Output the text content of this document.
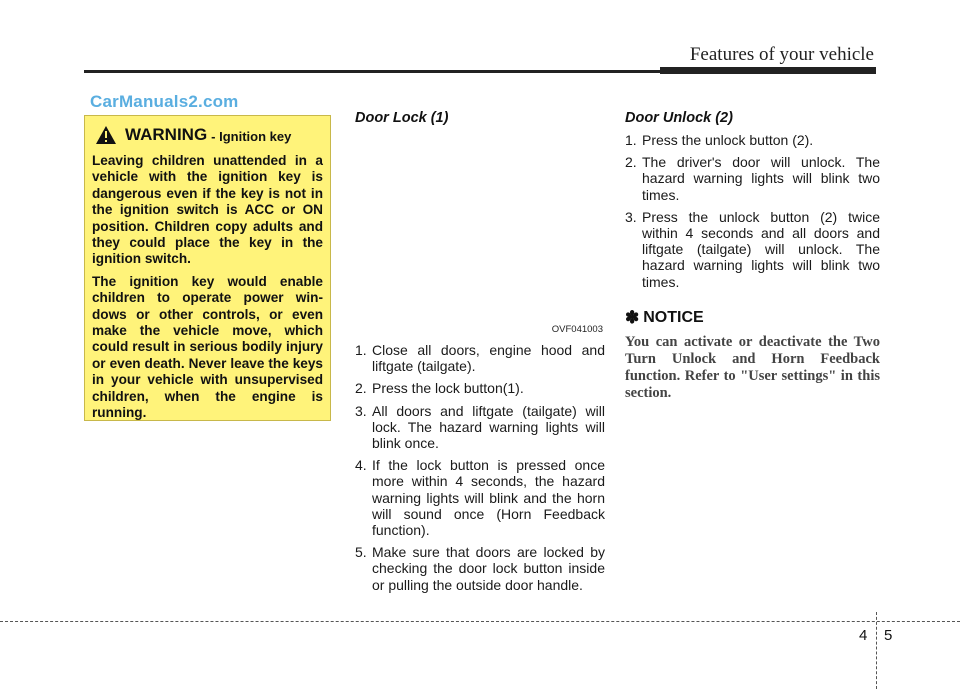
Features of your vehicle
CarManuals2.com
WARNING - Ignition key

Leaving children unattended in a vehicle with the ignition key is dangerous even if the key is not in the ignition switch is ACC or ON position. Children copy adults and they could place the key in the ignition switch.

The ignition key would enable children to operate power win-dows or other controls, or even make the vehicle move, which could result in serious bodily injury or even death. Never leave the keys in your vehicle with unsupervised children, when the engine is running.

Door Lock (1)

OVF041003
1. Close all doors, engine hood and liftgate (tailgate).
2. Press the lock button(1).
3. All doors and liftgate (tailgate) will lock. The hazard warning lights will blink once.
4. If the lock button is pressed once more within 4 seconds, the hazard warning lights will blink and the horn will sound once (Horn Feedback function).
5. Make sure that doors are locked by checking the door lock button inside or pulling the outside door handle.

Door Unlock (2)

1. Press the unlock button (2).
2. The driver's door will unlock. The hazard warning lights will blink two times.
3. Press the unlock button (2) twice within 4 seconds and all doors and liftgate (tailgate) will unlock. The hazard warning lights will blink two times.
✽ NOTICE

You can activate or deactivate the Two Turn Unlock and Horn Feedback function. Refer to "User settings" in this section.

4 5
